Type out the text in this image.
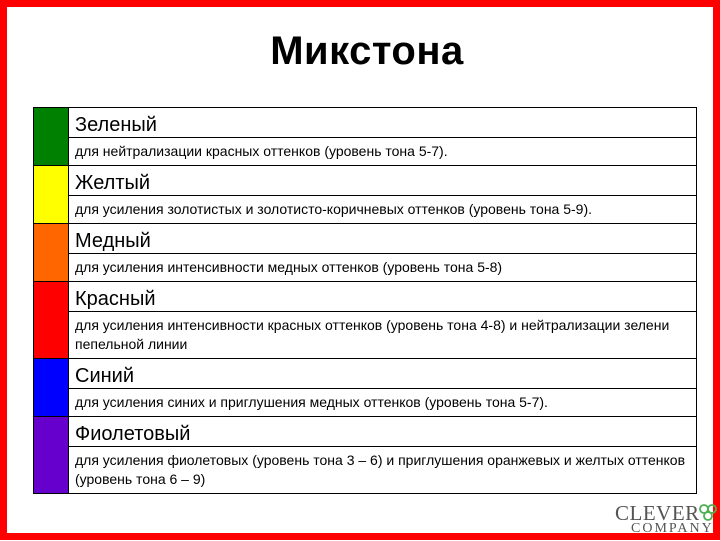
Микстона
Зеленый
для нейтрализации красных оттенков (уровень тона 5-7).
Желтый
для усиления золотистых и золотисто-коричневых оттенков (уровень тона 5-9).
Медный
для усиления интенсивности медных оттенков (уровень тона 5-8)
Красный
для усиления интенсивности красных оттенков (уровень тона 4-8) и нейтрализации зелени пепельной линии
Синий
для усиления синих и приглушения медных оттенков (уровень тона 5-7).
Фиолетовый
для усиления фиолетовых (уровень тона 3 – 6) и приглушения оранжевых и желтых оттенков (уровень тона 6 – 9)
CLEVER
COMPANY
